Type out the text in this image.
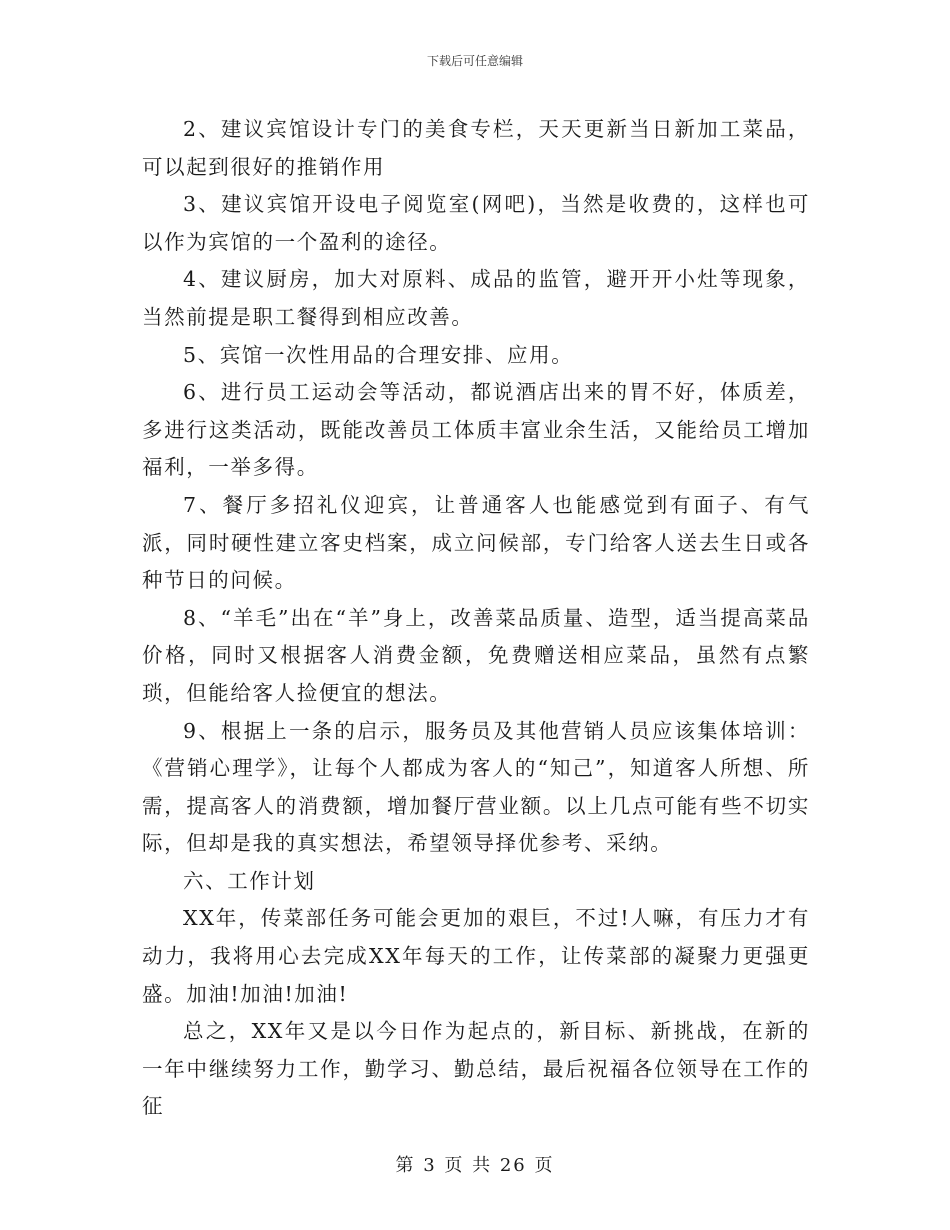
下载后可任意编辑

2、建议宾馆设计专门的美食专栏，天天更新当日新加工菜品，可以起到很好的推销作用

3、建议宾馆开设电子阅览室(网吧)，当然是收费的，这样也可以作为宾馆的一个盈利的途径。

4、建议厨房，加大对原料、成品的监管，避开开小灶等现象，当然前提是职工餐得到相应改善。

5、宾馆一次性用品的合理安排、应用。

6、进行员工运动会等活动，都说酒店出来的胃不好，体质差，多进行这类活动，既能改善员工体质丰富业余生活，又能给员工增加福利，一举多得。

7、餐厅多招礼仪迎宾，让普通客人也能感觉到有面子、有气派，同时硬性建立客史档案，成立问候部，专门给客人送去生日或各种节日的问候。

8、“羊毛”出在“羊”身上，改善菜品质量、造型，适当提高菜品价格，同时又根据客人消费金额，免费赠送相应菜品，虽然有点繁琐，但能给客人捡便宜的想法。

9、根据上一条的启示，服务员及其他营销人员应该集体培训：《营销心理学》，让每个人都成为客人的“知己”，知道客人所想、所需，提高客人的消费额，增加餐厅营业额。以上几点可能有些不切实际，但却是我的真实想法，希望领导择优参考、采纳。

六、工作计划

XX年，传菜部任务可能会更加的艰巨，不过!人嘛，有压力才有动力，我将用心去完成XX年每天的工作，让传菜部的凝聚力更强更盛。加油!加油!加油!

总之，XX年又是以今日作为起点的，新目标、新挑战，在新的一年中继续努力工作，勤学习、勤总结，最后祝福各位领导在工作的征

第 3 页 共 26 页
